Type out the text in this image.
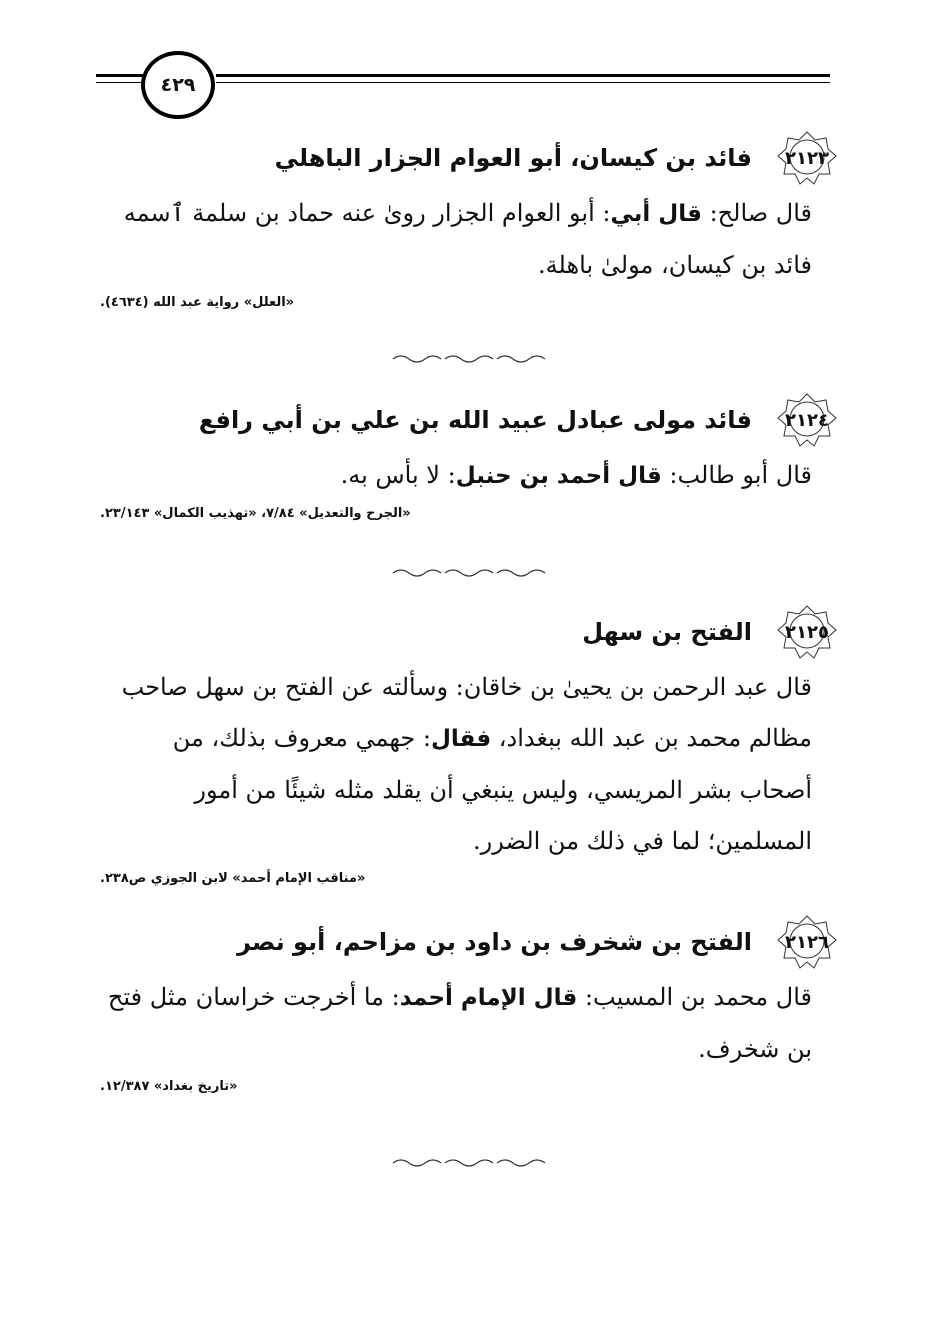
٤٢٩
٢١٢٣
فائد بن كيسان، أبو العوام الجزار الباهلي

قال صالح: قال أبي: أبو العوام الجزار روىٰ عنه حماد بن سلمة ٱسمه فائد بن كيسان، مولىٰ باهلة.

«العلل» رواية عبد الله (٤٦٣٤).
٢١٢٤
فائد مولى عبادل عبيد الله بن علي بن أبي رافع

قال أبو طالب: قال أحمد بن حنبل: لا بأس به.

«الجرح والتعديل» ٧/٨٤، «تهذيب الكمال» ٢٣/١٤٣.
٢١٢٥
الفتح بن سهل

قال عبد الرحمن بن يحيىٰ بن خاقان: وسألته عن الفتح بن سهل صاحب مظالم محمد بن عبد الله ببغداد، فقال: جهمي معروف بذلك، من أصحاب بشر المريسي، وليس ينبغي أن يقلد مثله شيئًا من أمور المسلمين؛ لما في ذلك من الضرر.

«مناقب الإمام أحمد» لابن الجوزي ص٢٣٨.
٢١٢٦
الفتح بن شخرف بن داود بن مزاحم، أبو نصر

قال محمد بن المسيب: قال الإمام أحمد: ما أخرجت خراسان مثل فتح بن شخرف.

«تاريخ بغداد» ١٢/٣٨٧.
